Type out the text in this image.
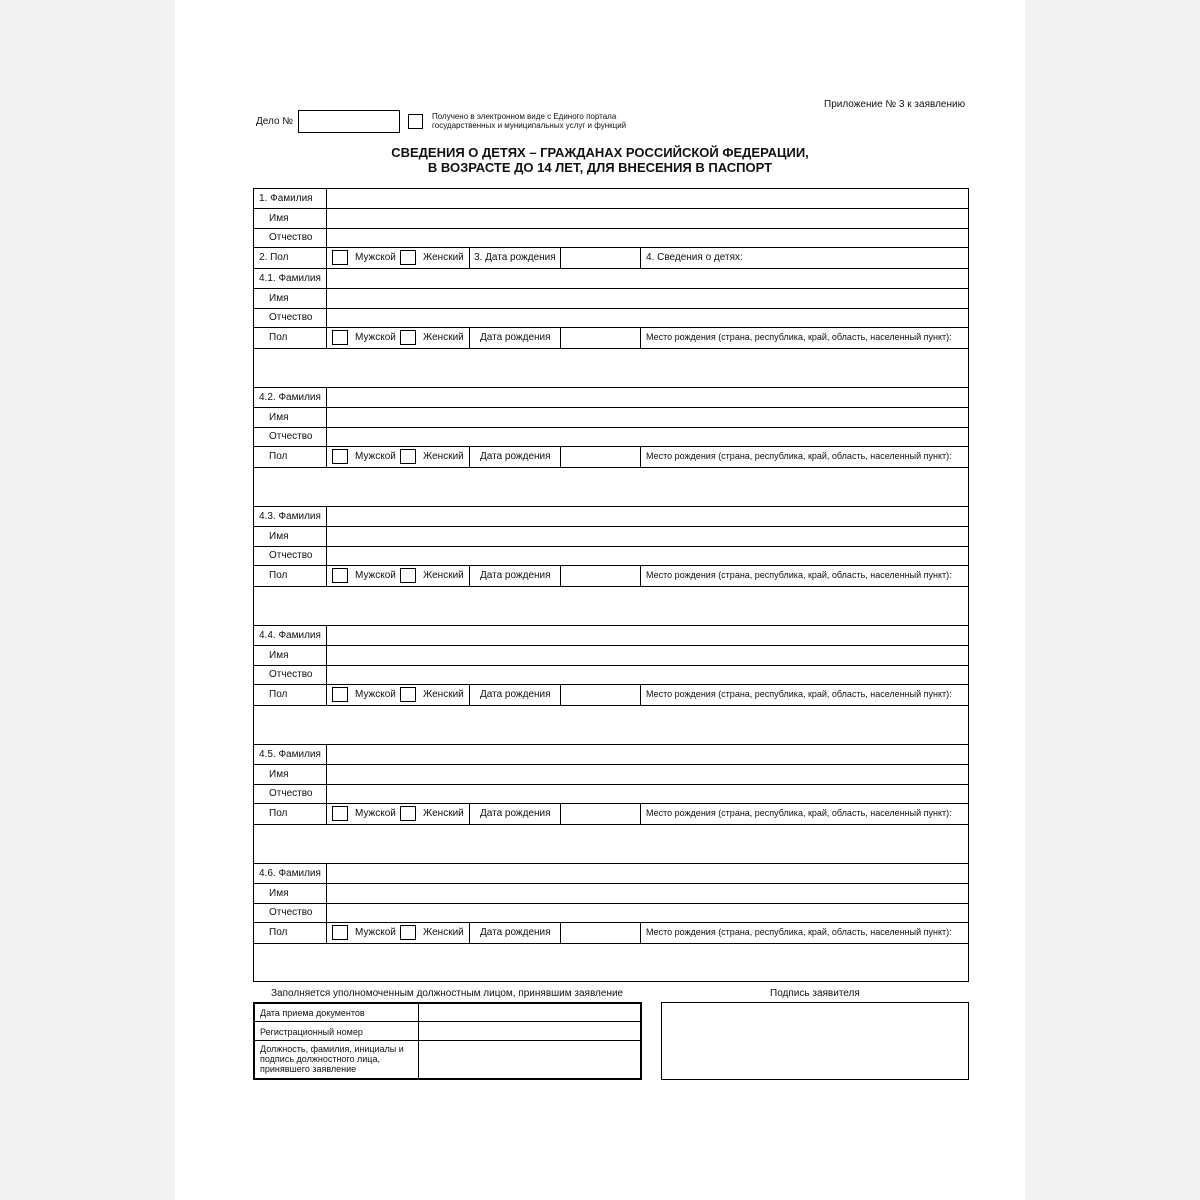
Приложение № 3 к заявлению
Дело №	Получено в электронном виде с Единого портала
государственных и муниципальных услуг и функций
СВЕДЕНИЯ О ДЕТЯХ – ГРАЖДАНАХ РОССИЙСКОЙ ФЕДЕРАЦИИ,
В ВОЗРАСТЕ ДО 14 ЛЕТ, ДЛЯ ВНЕСЕНИЯ В ПАСПОРТ
1. Фамилия
Имя
Отчество
2. Пол	Мужской	Женский 3. Дата рождения	4. Сведения о детях:
4.1. Фамилия
Имя
Отчество
Пол	Мужской	Женский Дата рождения	Место рождения (страна, республика, край, область, населенный пункт):
4.2. Фамилия
Имя
Отчество
Пол	Мужской	Женский Дата рождения	Место рождения (страна, республика, край, область, населенный пункт):
4.3. Фамилия
Имя
Отчество
Пол	Мужской	Женский Дата рождения	Место рождения (страна, республика, край, область, населенный пункт):
4.4. Фамилия
Имя
Отчество
Пол	Мужской	Женский Дата рождения	Место рождения (страна, республика, край, область, населенный пункт):
4.5. Фамилия
Имя
Отчество
Пол	Мужской	Женский Дата рождения	Место рождения (страна, республика, край, область, населенный пункт):
4.6. Фамилия
Имя
Отчество
Пол	Мужской	Женский Дата рождения	Место рождения (страна, республика, край, область, населенный пункт):
Заполняется уполномоченным должностным лицом, принявшим заявление	Подпись заявителя
Дата приема документов
Регистрационный номер
Должность, фамилия, инициалы и подпись должностного лица, принявшего заявление
